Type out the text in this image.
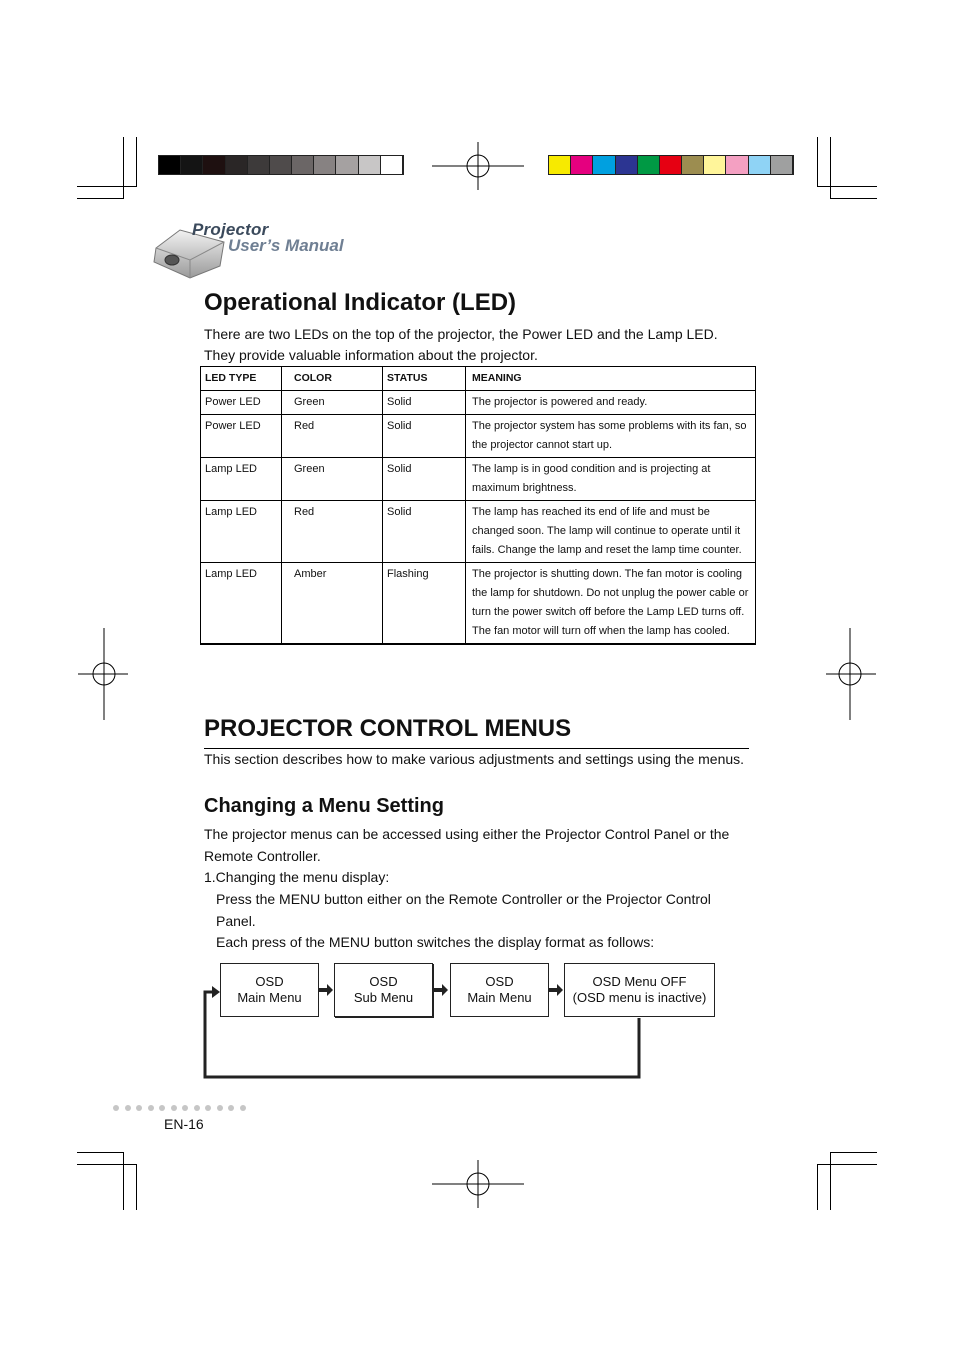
Projector
User’s Manual
Operational Indicator (LED)

There are two LEDs on the top of the projector, the Power LED and the Lamp LED.

They provide valuable information about the projector.

LED TYPE	COLOR	STATUS	MEANING
Power LED	Green	Solid	The projector is powered and ready.
Power LED	Red	Solid	The projector system has some problems with its fan, so the projector cannot start up.
Lamp LED	Green	Solid	The lamp is in good condition and is projecting at maximum brightness.
Lamp LED	Red	Solid	The lamp has reached its end of life and must be changed soon. The lamp will continue to operate until it fails. Change the lamp and reset the lamp time counter.
Lamp LED	Amber	Flashing	The projector is shutting down. The fan motor is cooling the lamp for shutdown. Do not unplug the power cable or turn the power switch off before the Lamp LED turns off. The fan motor will turn off when the lamp has cooled.
PROJECTOR CONTROL MENUS

This section describes how to make various adjustments and settings using the menus.

Changing a Menu Setting

The projector menus can be accessed using either the Projector Control Panel or the

Remote Controller.

1.Changing the menu display:

Press the MENU button either on the Remote Controller or the Projector Control

Panel.

Each press of the MENU button switches the display format as follows:

OSD
Main Menu
OSD
Sub Menu
OSD
Main Menu
OSD Menu OFF
(OSD menu is inactive)
EN-16
